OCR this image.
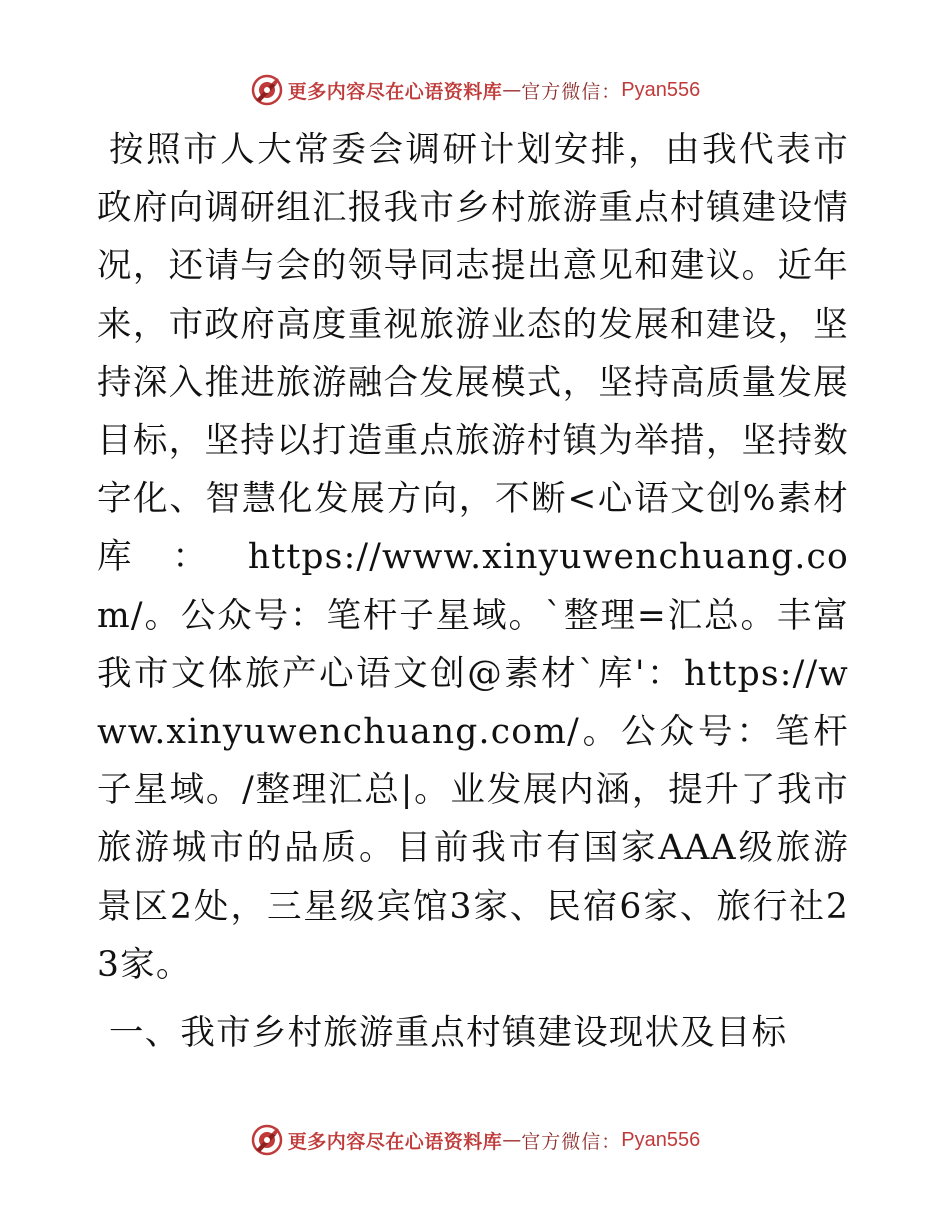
更多内容尽在心语资料库 — 官方微信： Pyan556

按照市人大常委会调研计划安排，由我代表市政府向调研组汇报我市乡村旅游重点村镇建设情况，还请与会的领导同志提出意见和建议。近年来，市政府高度重视旅游业态的发展和建设，坚持深入推进旅游融合发展模式，坚持高质量发展目标，坚持以打造重点旅游村镇为举措，坚持数字化、智慧化发展方向，不断<心语文创%素材库：https://www.xinyuwenchuang.com/。公众号：笔杆子星域。`整理=汇总。丰富我市文体旅产心语文创@素材`库'：https://www.xinyuwenchuang.com/。公众号：笔杆子星域。/整理汇总|。业发展内涵，提升了我市旅游城市的品质。目前我市有国家AAA级旅游景区2处，三星级宾馆3家、民宿6家、旅行社23家。

一、我市乡村旅游重点村镇建设现状及目标
更多内容尽在心语资料库 — 官方微信： Pyan556
